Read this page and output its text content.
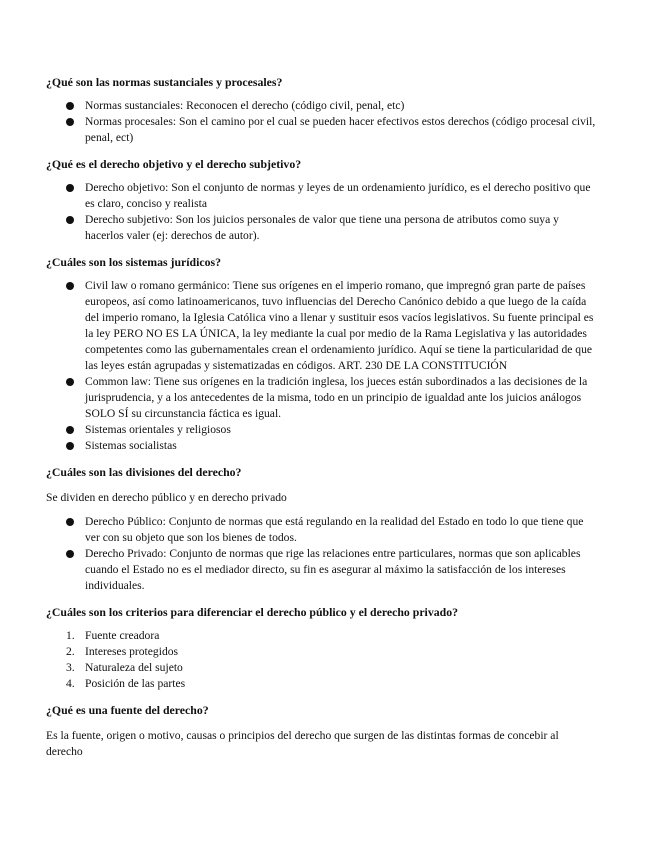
¿Qué son las normas sustanciales y procesales?
Normas sustanciales: Reconocen el derecho (código civil, penal, etc)
Normas procesales: Son el camino por el cual se pueden hacer efectivos estos derechos (código procesal civil, penal, ect)
¿Qué es el derecho objetivo y el derecho subjetivo?
Derecho objetivo: Son el conjunto de normas y leyes de un ordenamiento jurídico, es el derecho positivo que es claro, conciso y realista
Derecho subjetivo: Son los juicios personales de valor que tiene una persona de atributos como suya y hacerlos valer (ej: derechos de autor).
¿Cuáles son los sistemas jurídicos?
Civil law o romano germánico: Tiene sus orígenes en el imperio romano, que impregnó gran parte de países europeos, así como latinoamericanos, tuvo influencias del Derecho Canónico debido a que luego de la caída del imperio romano, la Iglesia Católica vino a llenar y sustituir esos vacíos legislativos. Su fuente principal es la ley PERO NO ES LA ÚNICA, la ley mediante la cual por medio de la Rama Legislativa y las autoridades competentes como las gubernamentales crean el ordenamiento jurídico. Aquí se tiene la particularidad de que las leyes están agrupadas y sistematizadas en códigos. ART. 230 DE LA CONSTITUCIÓN
Common law: Tiene sus orígenes en la tradición inglesa, los jueces están subordinados a las decisiones de la jurisprudencia, y a los antecedentes de la misma, todo en un principio de igualdad ante los juicios análogos SOLO SÍ su circunstancia fáctica es igual.
Sistemas orientales y religiosos
Sistemas socialistas
¿Cuáles son las divisiones del derecho?

Se dividen en derecho público y en derecho privado

Derecho Público: Conjunto de normas que está regulando en la realidad del Estado en todo lo que tiene que ver con su objeto que son los bienes de todos.
Derecho Privado: Conjunto de normas que rige las relaciones entre particulares, normas que son aplicables cuando el Estado no es el mediador directo, su fin es asegurar al máximo la satisfacción de los intereses individuales.
¿Cuáles son los criterios para diferenciar el derecho público y el derecho privado?
1. Fuente creadora
2. Intereses protegidos
3. Naturaleza del sujeto
4. Posición de las partes
¿Qué es una fuente del derecho?

Es la fuente, origen o motivo, causas o principios del derecho que surgen de las distintas formas de concebir al derecho
